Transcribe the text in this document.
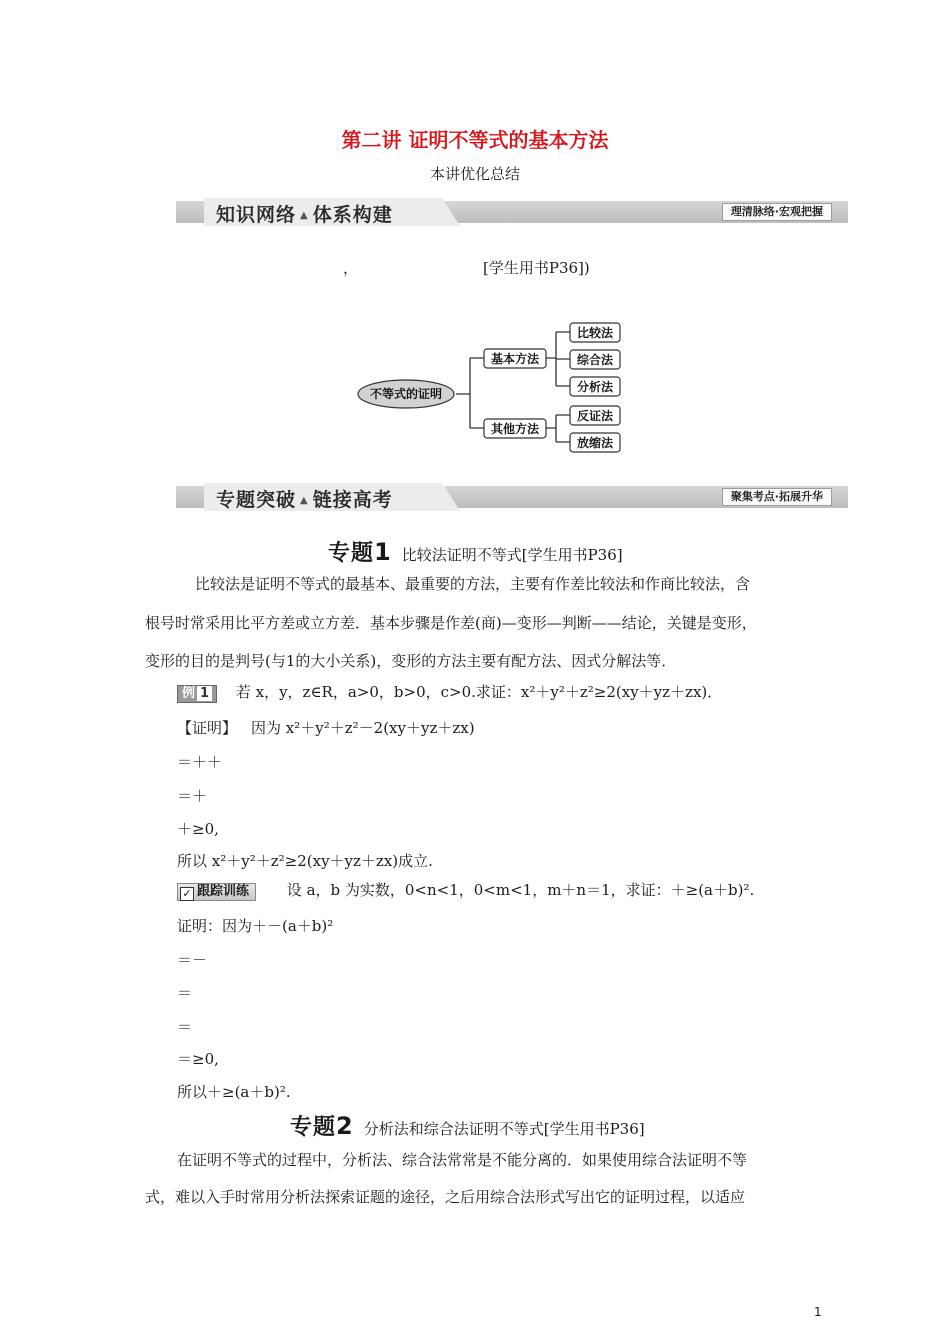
第二讲 证明不等式的基本方法
本讲优化总结
知识网络 ▲ 体系构建	理清脉络·宏观把握
，	[学生用书P36])
不等式的证明
基本方法
其他方法
比较法
综合法
分析法
反证法
放缩法
专题突破 ▲ 链接高考	聚集考点·拓展升华
专题1 比较法证明不等式[学生用书P36]
比较法是证明不等式的最基本、最重要的方法，主要有作差比较法和作商比较法，含
根号时常采用比平方差或立方差．基本步骤是作差(商)—变形—判断——结论，关键是变形，
变形的目的是判号(与1的大小关系)，变形的方法主要有配方法、因式分解法等．
例 1 若 x，y，z∈R，a>0，b>0，c>0.求证：x²＋y²＋z²≥2(xy＋yz＋zx)．
【证明】 因为 x²＋y²＋z²－2(xy＋yz＋zx)
＝＋＋
＝＋
＋≥0,
所以 x²＋y²＋z²≥2(xy＋yz＋zx)成立.
✓ 跟踪训练	设 a，b 为实数，0<n<1，0<m<1，m＋n＝1，求证：＋≥(a＋b)².
证明：因为＋－(a＋b)²
＝－
＝
＝
＝≥0,
所以＋≥(a＋b)².
专题2 分析法和综合法证明不等式[学生用书P36]
在证明不等式的过程中，分析法、综合法常常是不能分离的．如果使用综合法证明不等
式，难以入手时常用分析法探索证题的途径，之后用综合法形式写出它的证明过程，以适应
1
